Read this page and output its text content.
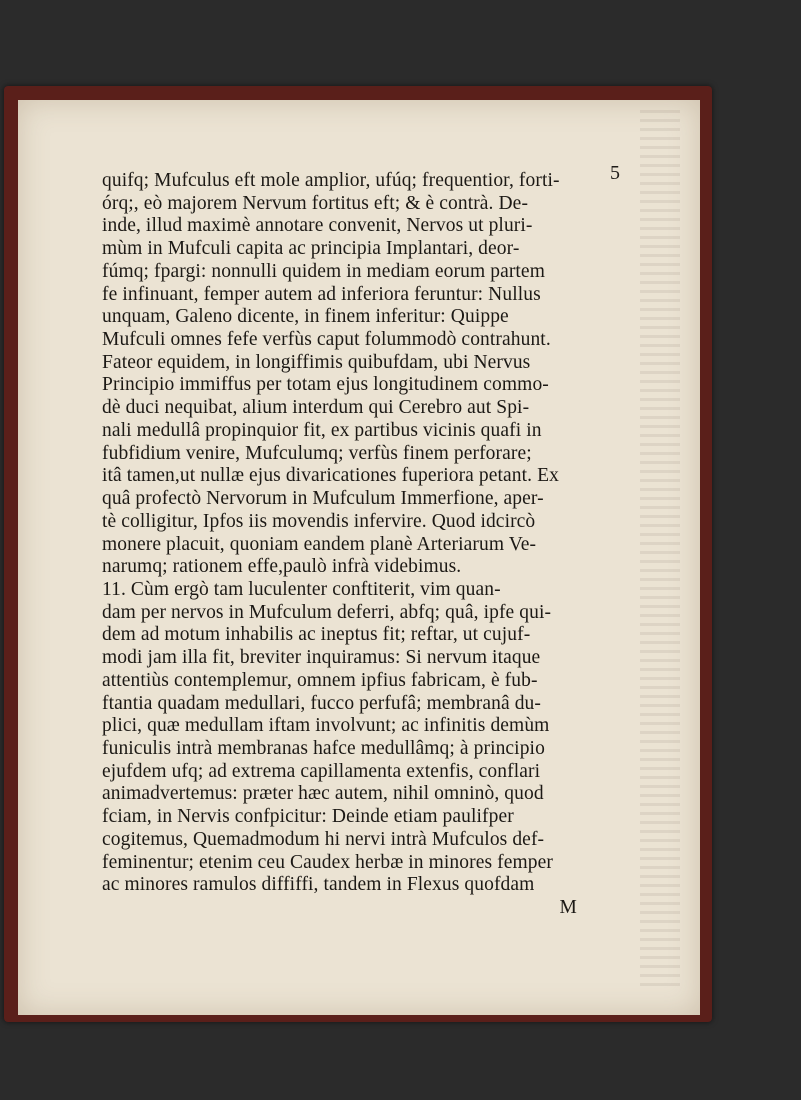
5
quifq; Mufculus eft mole amplior, ufúq; frequentior, forti-
órq;, eò majorem Nervum fortitus eft; & è contrà. De-
inde, illud maximè annotare convenit, Nervos ut pluri-
mùm in Mufculi capita ac principia Implantari, deor-
fúmq; fpargi: nonnulli quidem in mediam eorum partem
fe infinuant, femper autem ad inferiora feruntur: Nullus
unquam, Galeno dicente, in finem inferitur: Quippe
Mufculi omnes fefe verfùs caput folummodò contrahunt.
Fateor equidem, in longiffimis quibufdam, ubi Nervus
Principio immiffus per totam ejus longitudinem commo-
dè duci nequibat, alium interdum qui Cerebro aut Spi-
nali medullâ propinquior fit, ex partibus vicinis quafi in
fubfidium venire, Mufculumq; verfùs finem perforare;
itâ tamen,ut nullæ ejus divaricationes fuperiora petant. Ex
quâ profectò Nervorum in Mufculum Immerfione, aper-
tè colligitur, Ipfos iis movendis infervire. Quod idcircò
monere placuit, quoniam eandem planè Arteriarum Ve-
narumq; rationem effe,paulò infrà videbimus.
11. Cùm ergò tam luculenter conftiterit, vim quan-
dam per nervos in Mufculum deferri, abfq; quâ, ipfe qui-
dem ad motum inhabilis ac ineptus fit; reftar, ut cujuf-
modi jam illa fit, breviter inquiramus: Si nervum itaque
attentiùs contemplemur, omnem ipfius fabricam, è fub-
ftantia quadam medullari, fucco perfufâ; membranâ du-
plici, quæ medullam iftam involvunt; ac infinitis demùm
funiculis intrà membranas hafce medullâmq; à principio
ejufdem ufq; ad extrema capillamenta extenfis, conflari
animadvertemus: præter hæc autem, nihil omninò, quod
fciam, in Nervis confpicitur: Deinde etiam paulifper
cogitemus, Quemadmodum hi nervi intrà Mufculos def-
feminentur; etenim ceu Caudex herbæ in minores femper
ac minores ramulos diffiffi, tandem in Flexus quofdam
M
